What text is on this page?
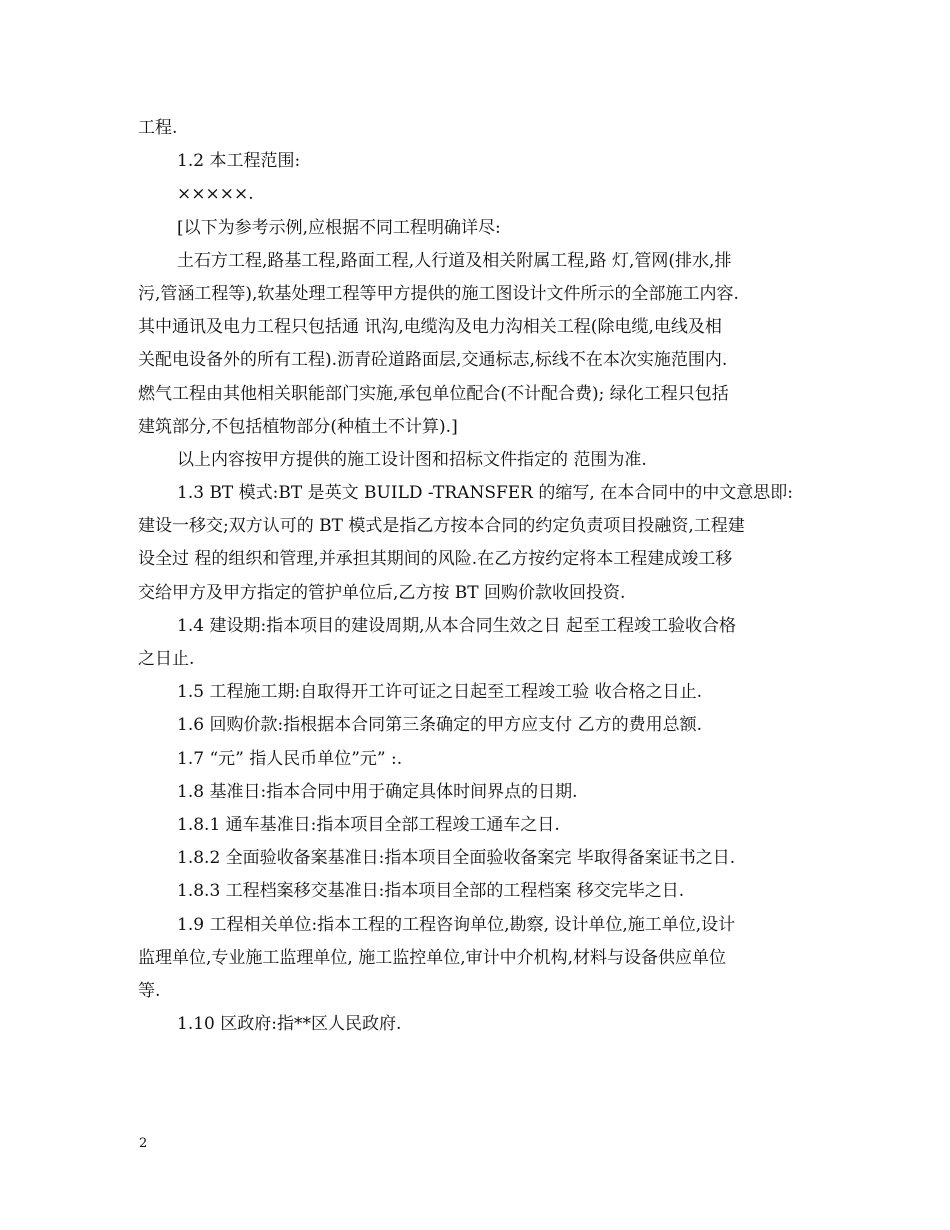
工程.
1.2 本工程范围:
×××××.
[以下为参考示例,应根据不同工程明确详尽:
土石方工程,路基工程,路面工程,人行道及相关附属工程,路 灯,管网(排水,排
污,管涵工程等),软基处理工程等甲方提供的施工图设计文件所示的全部施工内容.
其中通讯及电力工程只包括通 讯沟,电缆沟及电力沟相关工程(除电缆,电线及相
关配电设备外的所有工程).沥青砼道路面层,交通标志,标线不在本次实施范围内.
燃气工程由其他相关职能部门实施,承包单位配合(不计配合费); 绿化工程只包括
建筑部分,不包括植物部分(种植土不计算).]
以上内容按甲方提供的施工设计图和招标文件指定的 范围为准.
1.3 BT 模式:BT 是英文 BUILD -TRANSFER 的缩写, 在本合同中的中文意思即:
建设一移交;双方认可的 BT 模式是指乙方按本合同的约定负责项目投融资,工程建
设全过 程的组织和管理,并承担其期间的风险.在乙方按约定将本工程建成竣工移
交给甲方及甲方指定的管护单位后,乙方按 BT 回购价款收回投资.
1.4 建设期:指本项目的建设周期,从本合同生效之日 起至工程竣工验收合格
之日止.
1.5 工程施工期:自取得开工许可证之日起至工程竣工验 收合格之日止.
1.6 回购价款:指根据本合同第三条确定的甲方应支付 乙方的费用总额.
1.7 “元” 指人民币单位”元” :.
1.8 基准日:指本合同中用于确定具体时间界点的日期.
1.8.1 通车基准日:指本项目全部工程竣工通车之日.
1.8.2 全面验收备案基准日:指本项目全面验收备案完 毕取得备案证书之日.
1.8.3 工程档案移交基准日:指本项目全部的工程档案 移交完毕之日.
1.9 工程相关单位:指本工程的工程咨询单位,勘察, 设计单位,施工单位,设计
监理单位,专业施工监理单位, 施工监控单位,审计中介机构,材料与设备供应单位
等.
1.10 区政府:指**区人民政府.
2
